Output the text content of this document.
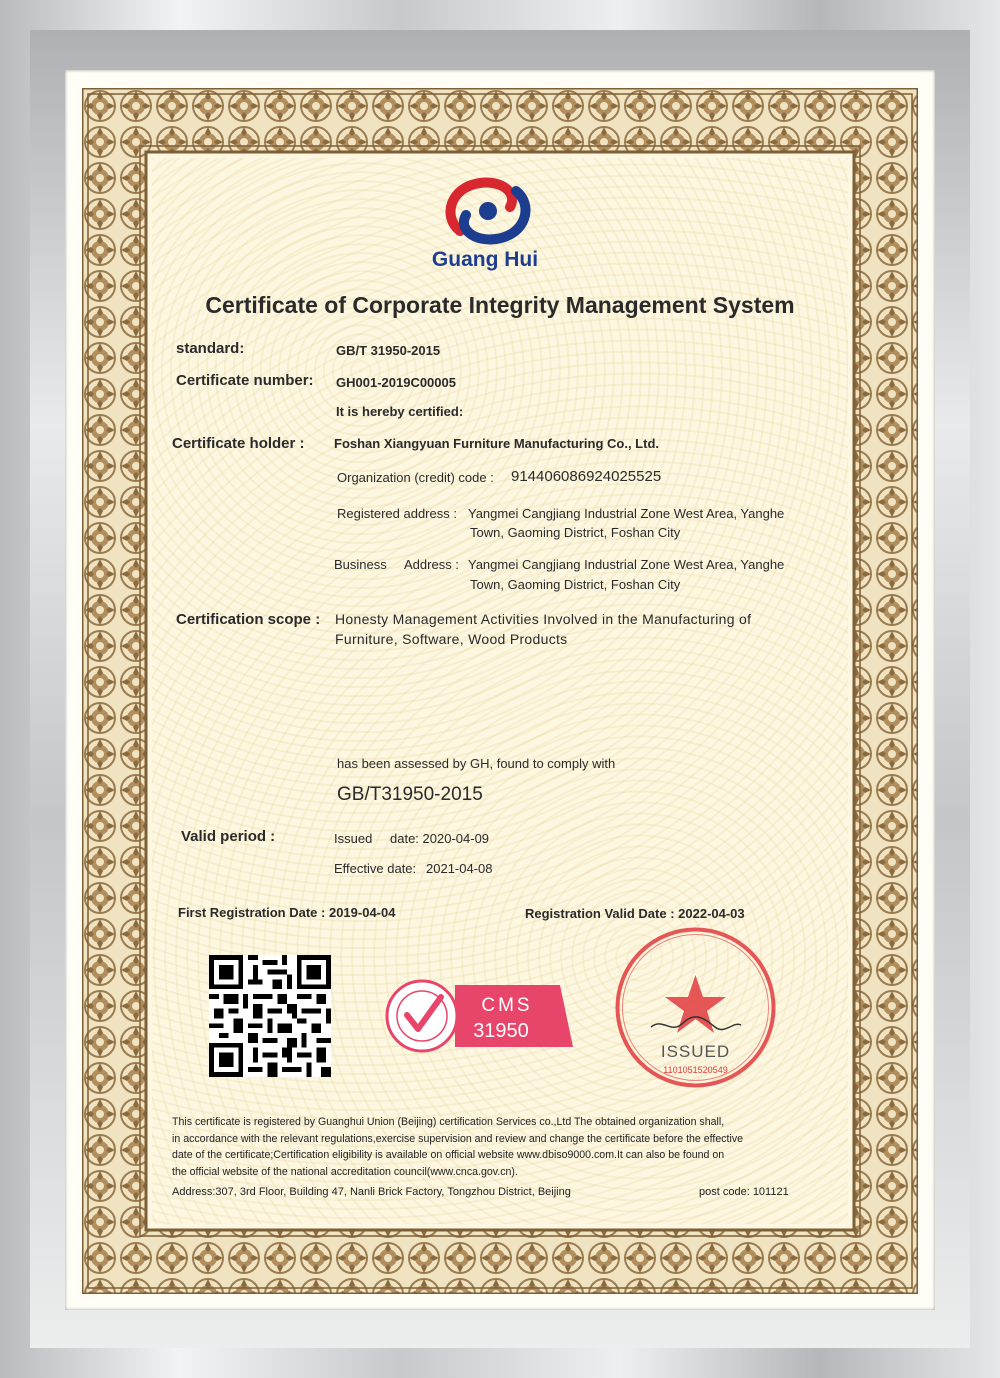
Guang Hui
Certificate of Corporate Integrity Management System
standard:	GB/T 31950-2015
Certificate number: GH001-2019C00005
It is hereby certified:
Certificate holder : Foshan Xiangyuan Furniture Manufacturing Co., Ltd.
Organization (credit) code : 914406086924025525
Registered address : Yangmei Cangjiang Industrial Zone West Area, Yanghe
Town, Gaoming District, Foshan City
Business Address : Yangmei Cangjiang Industrial Zone West Area, Yanghe
Town, Gaoming District, Foshan City
Certification scope : Honesty Management Activities Involved in the Manufacturing of
Furniture, Software, Wood Products
has been assessed by GH, found to comply with
GB/T31950-2015
Valid period :	Issued date: 2020-04-09
Effective date: 2021-04-08
First Registration Date : 2019-04-04	Registration Valid Date : 2022-04-03
CMS
31950
ISSUED
1101051520549
This certificate is registered by Guanghui Union (Beijing) certification Services co.,Ltd The obtained organization shall,
in accordance with the relevant regulations,exercise supervision and review and change the certificate before the effective
date of the certificate;Certification eligibility is available on official website www.dbiso9000.com.It can also be found on
the official website of the national accreditation council(www.cnca.gov.cn).
Address:307, 3rd Floor, Building 47, Nanli Brick Factory, Tongzhou District, Beijing	post code: 101121
